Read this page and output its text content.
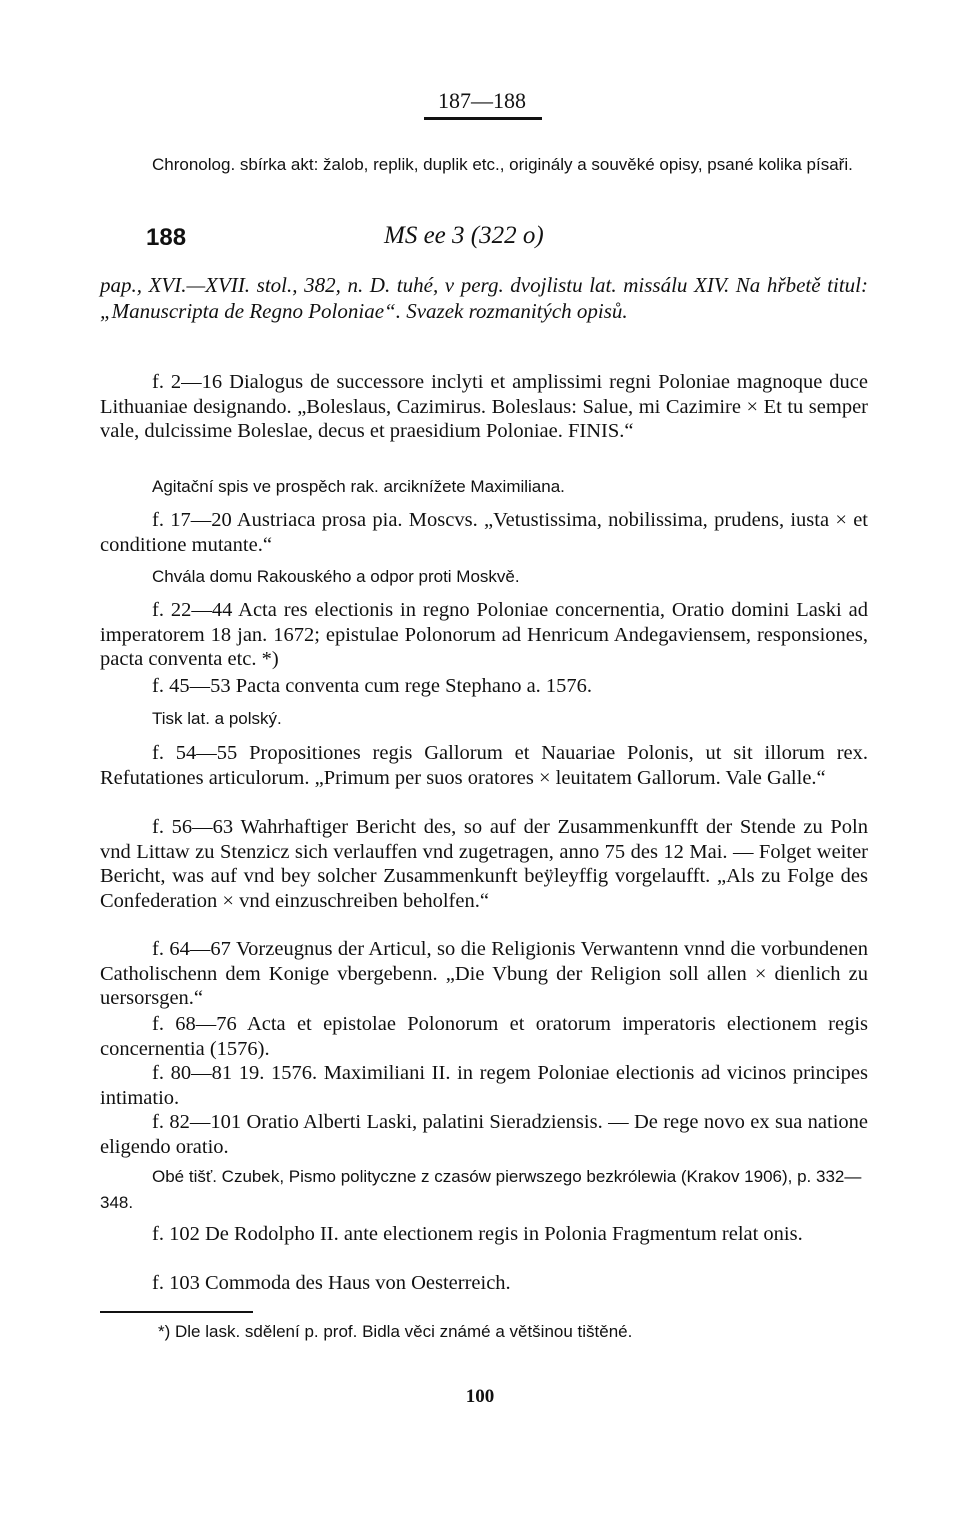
187—188

Chronolog. sbírka akt: žalob, replik, duplik etc., originály a souvěké opisy, psané kolika písaři.

188	MS ee 3 (322 o)

pap., XVI.—XVII. stol., 382, n. D. tuhé, v perg. dvojlistu lat. missálu XIV. Na hřbetě titul: „Manuscripta de Regno Poloniae“. Svazek rozmanitých opisů.

f. 2—16 Dialogus de successore inclyti et amplissimi regni Poloniae magnoque duce Lithuaniae designando. „Boleslaus, Cazimirus. Boleslaus: Salue, mi Cazimire × Et tu semper vale, dulcissime Boleslae, decus et praesidium Poloniae. FINIS.“

Agitační spis ve prospěch rak. arciknížete Maximiliana.

f. 17—20 Austriaca prosa pia. Moscvs. „Vetustissima, nobilissima, prudens, iusta × et conditione mutante.“

Chvála domu Rakouského a odpor proti Moskvě.

f. 22—44 Acta res electionis in regno Poloniae concernentia, Oratio domini Laski ad imperatorem 18 jan. 1672; epistulae Polonorum ad Henricum Andegaviensem, responsiones, pacta conventa etc. *)

f. 45—53 Pacta conventa cum rege Stephano a. 1576.

Tisk lat. a polský.

f. 54—55 Propositiones regis Gallorum et Nauariae Polonis, ut sit illorum rex. Refutationes articulorum. „Primum per suos oratores × leuitatem Gallorum. Vale Galle.“

f. 56—63 Wahrhaftiger Bericht des, so auf der Zusammenkunfft der Stende zu Poln vnd Littaw zu Stenzicz sich verlauffen vnd zugetragen, anno 75 des 12 Mai. — Folget weiter Bericht, was auf vnd bey solcher Zusammenkunft beÿleyffig vorgelaufft. „Als zu Folge des Confederation × vnd einzuschreiben beholfen.“

f. 64—67 Vorzeugnus der Articul, so die Religionis Verwantenn vnnd die vorbundenen Catholischenn dem Konige vbergebenn. „Die Vbung der Religion soll allen × dienlich zu uersorsgen.“

f. 68—76 Acta et epistolae Polonorum et oratorum imperatoris electionem regis concernentia (1576).

f. 80—81 19. 1576. Maximiliani II. in regem Poloniae electionis ad vicinos principes intimatio.

f. 82—101 Oratio Alberti Laski, palatini Sieradziensis. — De rege novo ex sua natione eligendo oratio.

Obé tišť. Czubek, Pismo polityczne z czasów pierwszego bezkrólewia (Krakov 1906), p. 332—348.

f. 102 De Rodolpho II. ante electionem regis in Polonia Fragmentum relat onis.

f. 103 Commoda des Haus von Oesterreich.

*) Dle lask. sdělení p. prof. Bidla věci známé a většinou tištěné.
100
